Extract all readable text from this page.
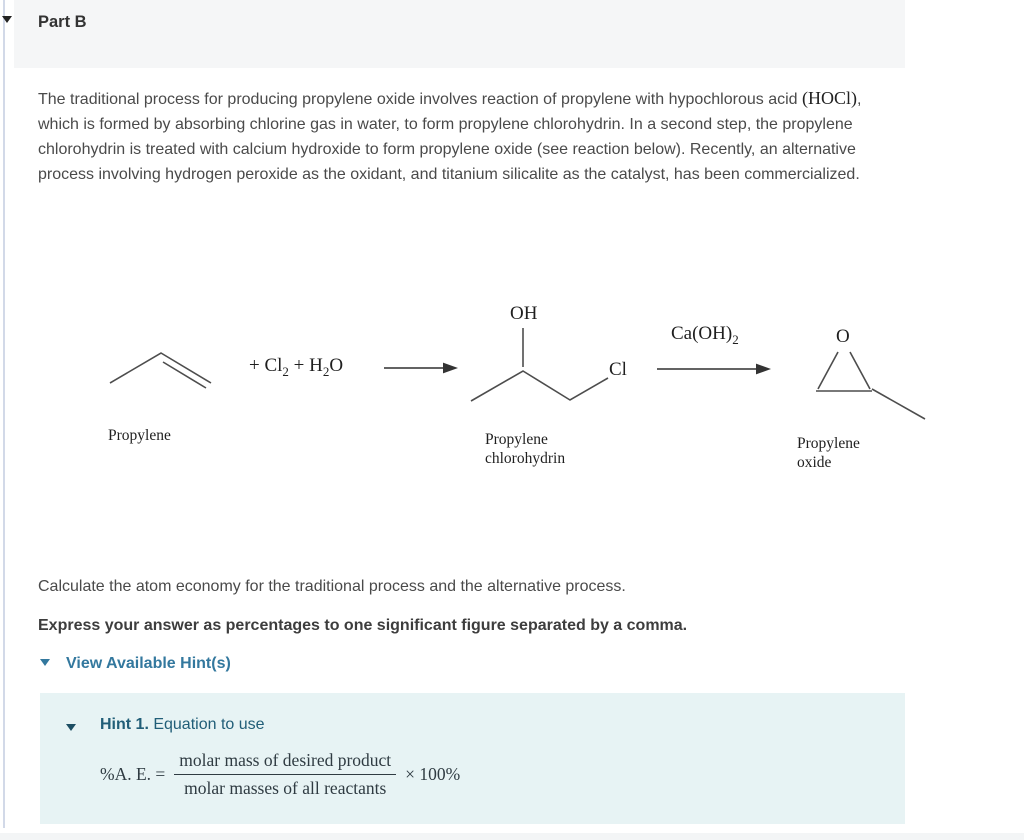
Part B
The traditional process for producing propylene oxide involves reaction of propylene with hypochlorous acid (HOCl), which is formed by absorbing chlorine gas in water, to form propylene chlorohydrin. In a second step, the propylene chlorohydrin is treated with calcium hydroxide to form propylene oxide (see reaction below). Recently, an alternative process involving hydrogen peroxide as the oxidant, and titanium silicalite as the catalyst, has been commercialized.
+ $Cl_2 + H_2O$
OH
Cl
$Ca(OH)_2$	O
Propylene	Propylene
chlorohydrin
Propylene
oxide
Calculate the atom economy for the traditional process and the alternative process.
Express your answer as percentages to one significant figure separated by a comma.
View Available Hint(s)
Hint 1. Equation to use
%A. E. = $\frac{\text{molar mass of desired product}}{\text{molar masses of all reactants}} \times 100\%$
